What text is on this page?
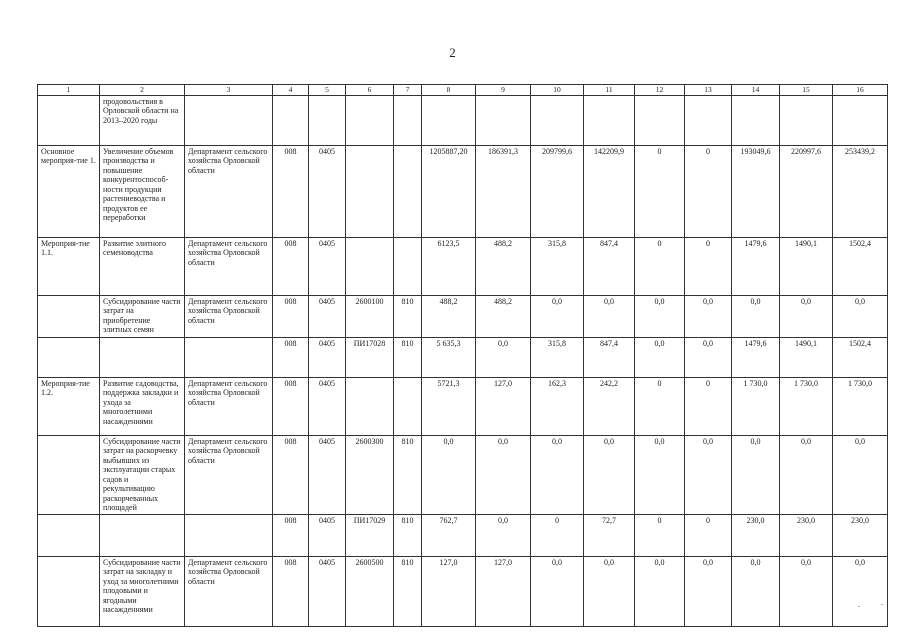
2
1	2	3	4	5	6	7	8	9	10	11	12	13	14	15	16
	продовольствия в Орловской области на 2013–2020 годы														
Основное мероприя-тие 1.	Увеличение объемов производства и повышение конкурентоспособ-ности продукции растениеводства и продуктов ее переработки	Департамент сельского хозяйства Орловской области	008	0405			1205887,20	186391,3	209799,6	142209,9	0	0	193049,6	220997,6	253439,2
Мероприя-тие 1.1.	Развитие элитного семеноводства	Департамент сельского хозяйства Орловской области	008	0405			6123,5	488,2	315,8	847,4	0	0	1479,6	1490,1	1502,4
	Субсидирование части затрат на приобретение элитных семян	Департамент сельского хозяйства Орловской области	008	0405	2600100	810	488,2	488,2	0,0	0,0	0,0	0,0	0,0	0,0	0,0
			008	0405	ПИ17028	810	5 635,3	0,0	315,8	847,4	0,0	0,0	1479,6	1490,1	1502,4
Мероприя-тие 1.2.	Развитие садоводства, поддержка закладки и ухода за многолетними насаждениями	Департамент сельского хозяйства Орловской области	008	0405			5721,3	127,0	162,3	242,2	0	0	1 730,0	1 730,0	1 730,0
	Субсидирование части затрат на раскорчевку выбывших из эксплуатации старых садов и рекультивацию раскорчеванных площадей	Департамент сельского хозяйства Орловской области	008	0405	2600300	810	0,0	0,0	0,0	0,0	0,0	0,0	0,0	0,0	0,0
			008	0405	ПИ17029	810	762,7	0,0	0	72,7	0	0	230,0	230,0	230,0
	Субсидирование части затрат на закладку и уход за многолетними плодовыми и ягодными насаждениями	Департамент сельского хозяйства Орловской области	008	0405	2600500	810	127,0	127,0	0,0	0,0	0,0	0,0	0,0	0,0	0,0
.	.
